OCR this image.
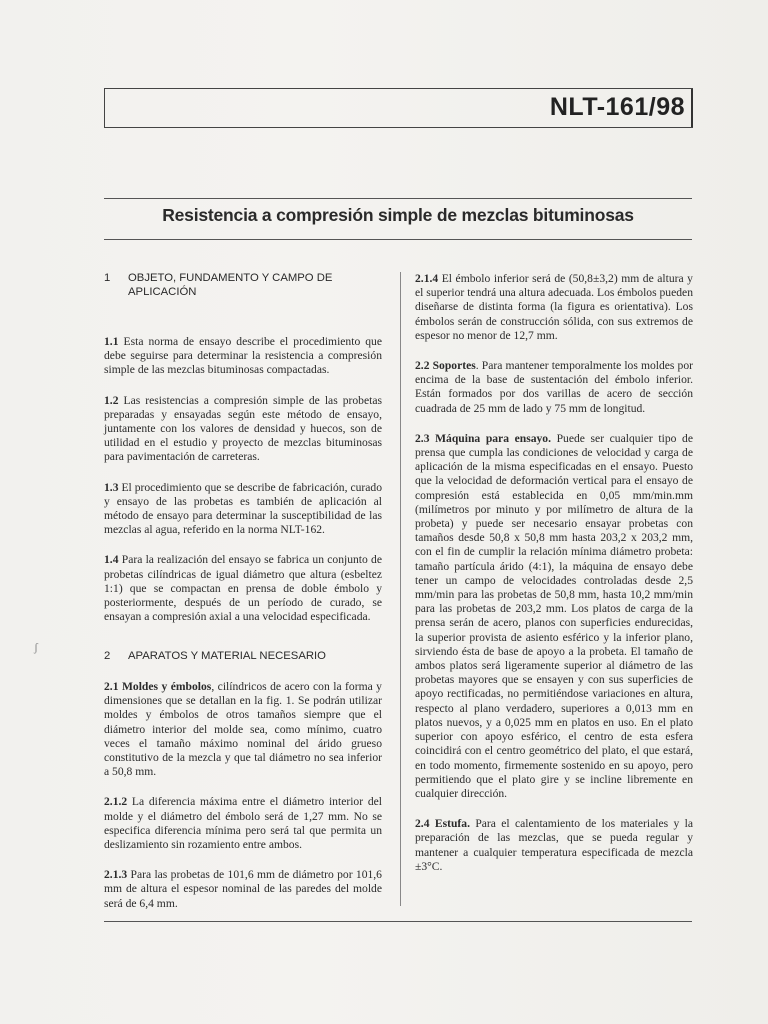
NLT-161/98
Resistencia a compresión simple de mezclas bituminosas
1	OBJETO, FUNDAMENTO Y CAMPO DE APLICACIÓN
1.1 Esta norma de ensayo describe el procedimiento que debe seguirse para determinar la resistencia a compresión simple de las mezclas bituminosas compactadas.
1.2 Las resistencias a compresión simple de las probetas preparadas y ensayadas según este método de ensayo, juntamente con los valores de densidad y huecos, son de utilidad en el estudio y proyecto de mezclas bituminosas para pavimentación de carreteras.
1.3 El procedimiento que se describe de fabricación, curado y ensayo de las probetas es también de aplicación al método de ensayo para determinar la susceptibilidad de las mezclas al agua, referido en la norma NLT-162.
1.4 Para la realización del ensayo se fabrica un conjunto de probetas cilíndricas de igual diámetro que altura (esbeltez 1:1) que se compactan en prensa de doble émbolo y posteriormente, después de un período de curado, se ensayan a compresión axial a una velocidad especificada.
2	APARATOS Y MATERIAL NECESARIO
2.1 Moldes y émbolos, cilíndricos de acero con la forma y dimensiones que se detallan en la fig. 1. Se podrán utilizar moldes y émbolos de otros tamaños siempre que el diámetro interior del molde sea, como mínimo, cuatro veces el tamaño máximo nominal del árido grueso constitutivo de la mezcla y que tal diámetro no sea inferior a 50,8 mm.
2.1.2 La diferencia máxima entre el diámetro interior del molde y el diámetro del émbolo será de 1,27 mm. No se especifica diferencia mínima pero será tal que permita un deslizamiento sin rozamiento entre ambos.
2.1.3 Para las probetas de 101,6 mm de diámetro por 101,6 mm de altura el espesor nominal de las paredes del molde será de 6,4 mm.
2.1.4 El émbolo inferior será de (50,8±3,2) mm de altura y el superior tendrá una altura adecuada. Los émbolos pueden diseñarse de distinta forma (la figura es orientativa). Los émbolos serán de construcción sólida, con sus extremos de espesor no menor de 12,7 mm.
2.2 Soportes. Para mantener temporalmente los moldes por encima de la base de sustentación del émbolo inferior. Están formados por dos varillas de acero de sección cuadrada de 25 mm de lado y 75 mm de longitud.
2.3 Máquina para ensayo. Puede ser cualquier tipo de prensa que cumpla las condiciones de velocidad y carga de aplicación de la misma especificadas en el ensayo. Puesto que la velocidad de deformación vertical para el ensayo de compresión está establecida en 0,05 mm/min.mm (milímetros por minuto y por milímetro de altura de la probeta) y puede ser necesario ensayar probetas con tamaños desde 50,8 x 50,8 mm hasta 203,2 x 203,2 mm, con el fin de cumplir la relación mínima diámetro probeta: tamaño partícula árido (4:1), la máquina de ensayo debe tener un campo de velocidades controladas desde 2,5 mm/min para las probetas de 50,8 mm, hasta 10,2 mm/min para las probetas de 203,2 mm. Los platos de carga de la prensa serán de acero, planos con superficies endurecidas, la superior provista de asiento esférico y la inferior plano, sirviendo ésta de base de apoyo a la probeta. El tamaño de ambos platos será ligeramente superior al diámetro de las probetas mayores que se ensayen y con sus superficies de apoyo rectificadas, no permitiéndose variaciones en altura, respecto al plano verdadero, superiores a 0,013 mm en platos nuevos, y a 0,025 mm en platos en uso. En el plato superior con apoyo esférico, el centro de esta esfera coincidirá con el centro geométrico del plato, el que estará, en todo momento, firmemente sostenido en su apoyo, pero permitiendo que el plato gire y se incline libremente en cualquier dirección.
2.4 Estufa. Para el calentamiento de los materiales y la preparación de las mezclas, que se pueda regular y mantener a cualquier temperatura especificada de mezcla ±3°C.
ʃ
